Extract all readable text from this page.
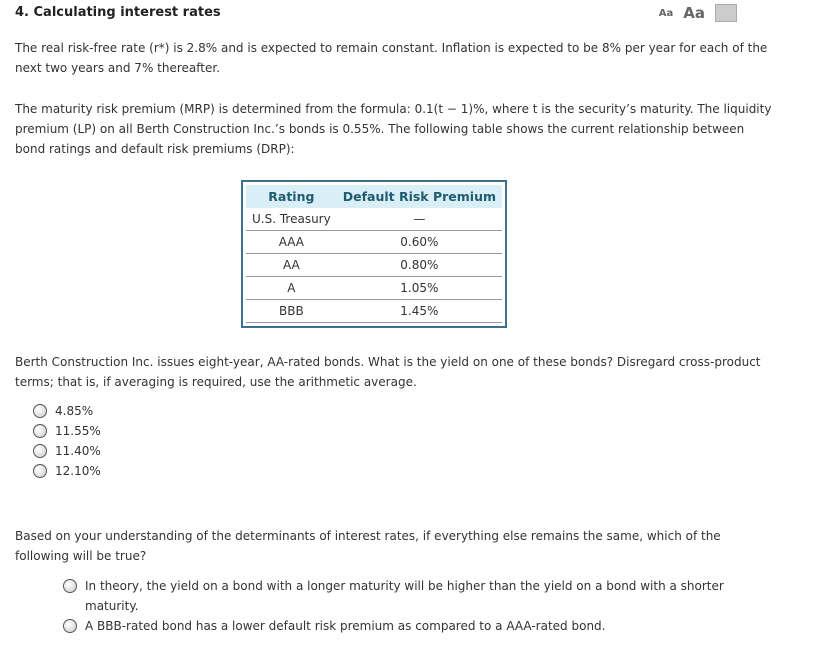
4. Calculating interest rates	Aa Aa
The real risk-free rate (r*) is 2.8% and is expected to remain constant. Inflation is expected to be 8% per year for each of the next two years and 7% thereafter.
The maturity risk premium (MRP) is determined from the formula: 0.1(t − 1)%, where t is the security’s maturity. The liquidity premium (LP) on all Berth Construction Inc.’s bonds is 0.55%. The following table shows the current relationship between bond ratings and default risk premiums (DRP):
Rating	Default Risk Premium
U.S. Treasury	—
AAA	0.60%
AA	0.80%
A	1.05%
BBB	1.45%
Berth Construction Inc. issues eight-year, AA-rated bonds. What is the yield on one of these bonds? Disregard cross-product terms; that is, if averaging is required, use the arithmetic average.
4.85%
11.55%
11.40%
12.10%
Based on your understanding of the determinants of interest rates, if everything else remains the same, which of the following will be true?
In theory, the yield on a bond with a longer maturity will be higher than the yield on a bond with a shorter maturity.
A BBB-rated bond has a lower default risk premium as compared to a AAA-rated bond.
